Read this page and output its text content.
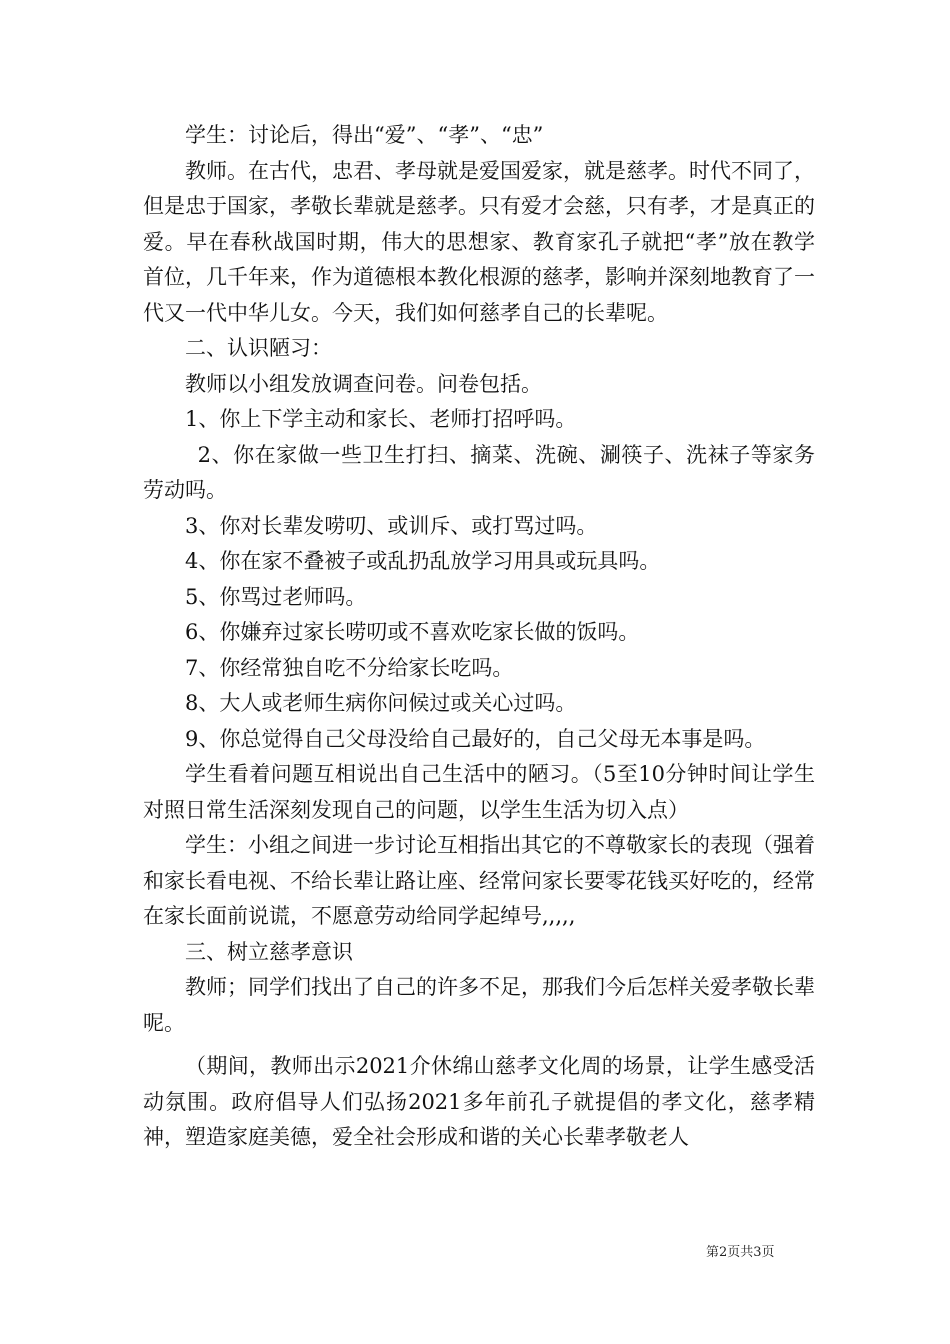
学生：讨论后，得出“爱”、“孝”、“忠”

教师。在古代，忠君、孝母就是爱国爱家，就是慈孝。时代不同了，但是忠于国家，孝敬长辈就是慈孝。只有爱才会慈，只有孝，才是真正的爱。早在春秋战国时期，伟大的思想家、教育家孔子就把“孝”放在教学首位，几千年来，作为道德根本教化根源的慈孝，影响并深刻地教育了一代又一代中华儿女。今天，我们如何慈孝自己的长辈呢。

二、认识陋习：

教师以小组发放调查问卷。问卷包括。

1、你上下学主动和家长、老师打招呼吗。

2、你在家做一些卫生打扫、摘菜、洗碗、涮筷子、洗袜子等家务劳动吗。

3、你对长辈发唠叨、或训斥、或打骂过吗。

4、你在家不叠被子或乱扔乱放学习用具或玩具吗。

5、你骂过老师吗。

6、你嫌弃过家长唠叨或不喜欢吃家长做的饭吗。

7、你经常独自吃不分给家长吃吗。

8、大人或老师生病你问候过或关心过吗。

9、你总觉得自己父母没给自己最好的，自己父母无本事是吗。

学生看着问题互相说出自己生活中的陋习。（5至10分钟时间让学生对照日常生活深刻发现自己的问题，以学生生活为切入点）

学生：小组之间进一步讨论互相指出其它的不尊敬家长的表现（强着和家长看电视、不给长辈让路让座、经常问家长要零花钱买好吃的，经常在家长面前说谎，不愿意劳动给同学起绰号,,,,,

三、树立慈孝意识

教师；同学们找出了自己的许多不足，那我们今后怎样关爱孝敬长辈呢。

（期间，教师出示2021介休绵山慈孝文化周的场景，让学生感受活动氛围。政府倡导人们弘扬2021多年前孔子就提倡的孝文化，慈孝精神，塑造家庭美德，爱全社会形成和谐的关心长辈孝敬老人

第2页共3页
